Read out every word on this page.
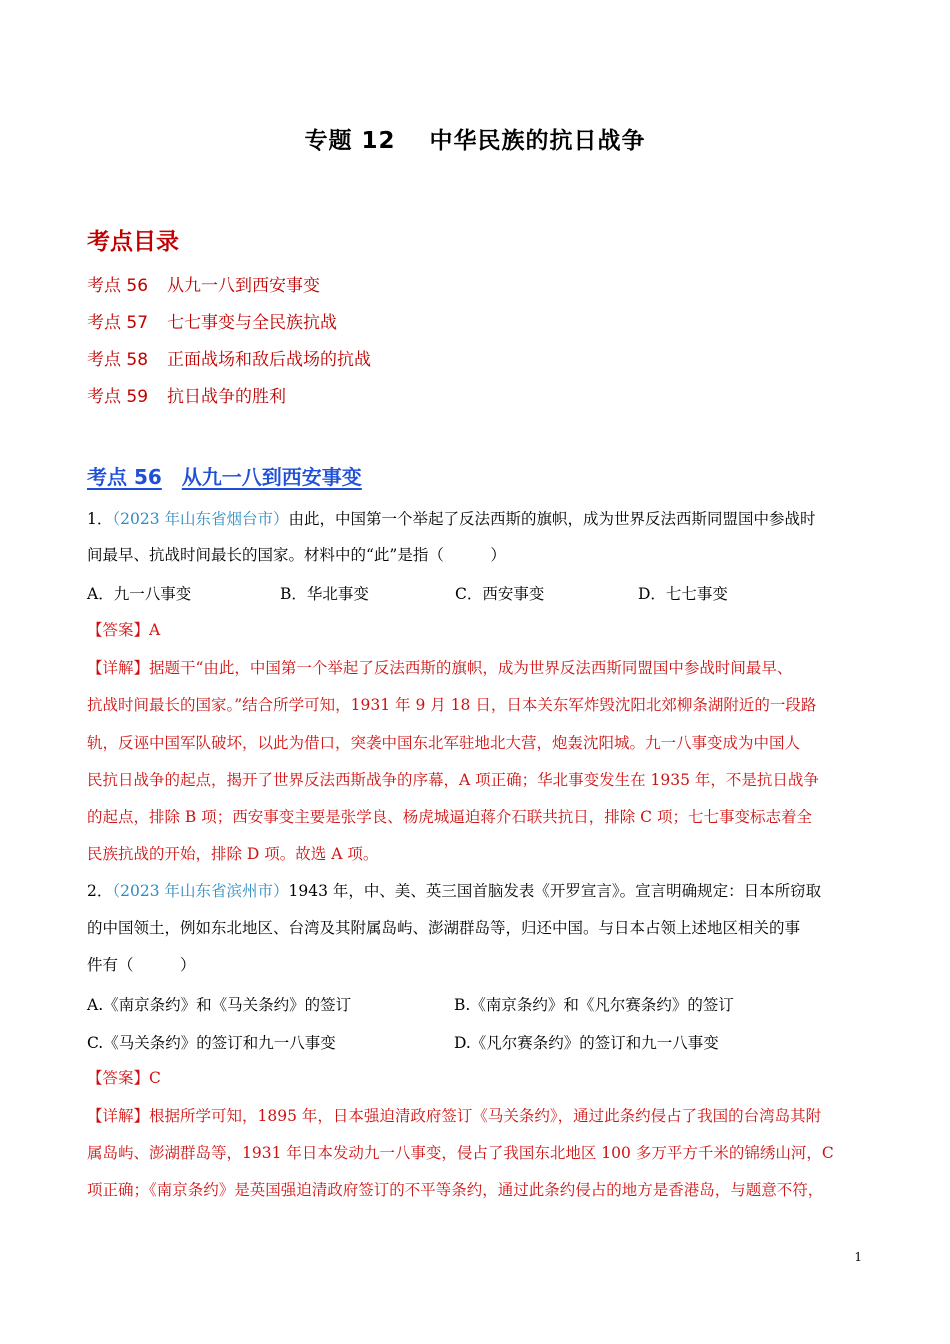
专题 12 中华民族的抗日战争
考点目录
考点 56 从九一八到西安事变
考点 57 七七事变与全民族抗战
考点 58 正面战场和敌后战场的抗战
考点 59 抗日战争的胜利
考点 56 从九一八到西安事变
1．（2023 年山东省烟台市）由此，中国第一个举起了反法西斯的旗帜，成为世界反法西斯同盟国中参战时
间最早、抗战时间最长的国家。材料中的“此”是指（　　　）
A．九一八事变	B．华北事变	C．西安事变	D．七七事变
【答案】A
【详解】据题干“由此，中国第一个举起了反法西斯的旗帜，成为世界反法西斯同盟国中参战时间最早、
抗战时间最长的国家。”结合所学可知，1931 年 9 月 18 日，日本关东军炸毁沈阳北郊柳条湖附近的一段路
轨，反诬中国军队破坏，以此为借口，突袭中国东北军驻地北大营，炮轰沈阳城。九一八事变成为中国人
民抗日战争的起点，揭开了世界反法西斯战争的序幕，A 项正确；华北事变发生在 1935 年，不是抗日战争
的起点，排除 B 项；西安事变主要是张学良、杨虎城逼迫蒋介石联共抗日，排除 C 项；七七事变标志着全
民族抗战的开始，排除 D 项。故选 A 项。
2．（2023 年山东省滨州市）1943 年，中、美、英三国首脑发表《开罗宣言》。宣言明确规定：日本所窃取
的中国领土，例如东北地区、台湾及其附属岛屿、澎湖群岛等，归还中国。与日本占领上述地区相关的事
件有（　　　）
A.《南京条约》和《马关条约》的签订	B.《南京条约》和《凡尔赛条约》的签订
C.《马关条约》的签订和九一八事变	D.《凡尔赛条约》的签订和九一八事变
【答案】C
【详解】根据所学可知，1895 年，日本强迫清政府签订《马关条约》，通过此条约侵占了我国的台湾岛其附
属岛屿、澎湖群岛等，1931 年日本发动九一八事变，侵占了我国东北地区 100 多万平方千米的锦绣山河，C
项正确；《南京条约》是英国强迫清政府签订的不平等条约，通过此条约侵占的地方是香港岛，与题意不符，
1
